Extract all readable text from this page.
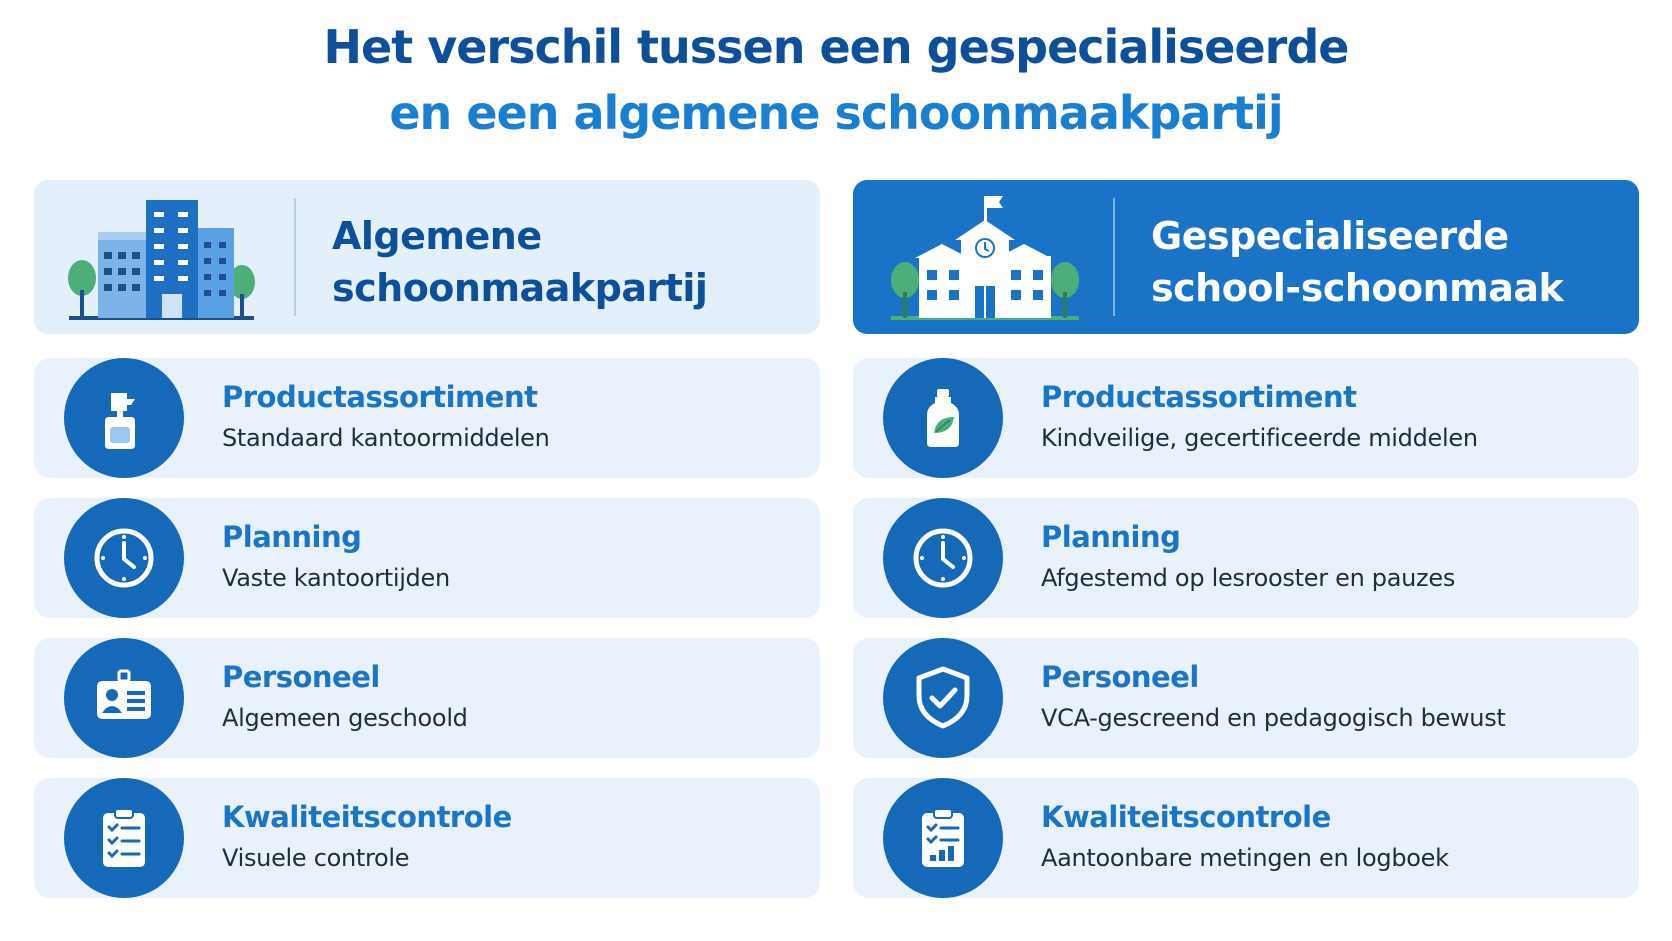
Het verschil tussen een gespecialiseerde
en een algemene schoonmaakpartij
Algemene
schoonmaakpartij
Productassortiment
Standaard kantoormiddelen
Planning
Vaste kantoortijden
Personeel
Algemeen geschoold
Kwaliteitscontrole
Visuele controle
Gespecialiseerde
school-schoonmaak
Productassortiment
Kindveilige, gecertificeerde middelen
Planning
Afgestemd op lesrooster en pauzes
Personeel
VCA-gescreend en pedagogisch bewust
Kwaliteitscontrole
Aantoonbare metingen en logboek
